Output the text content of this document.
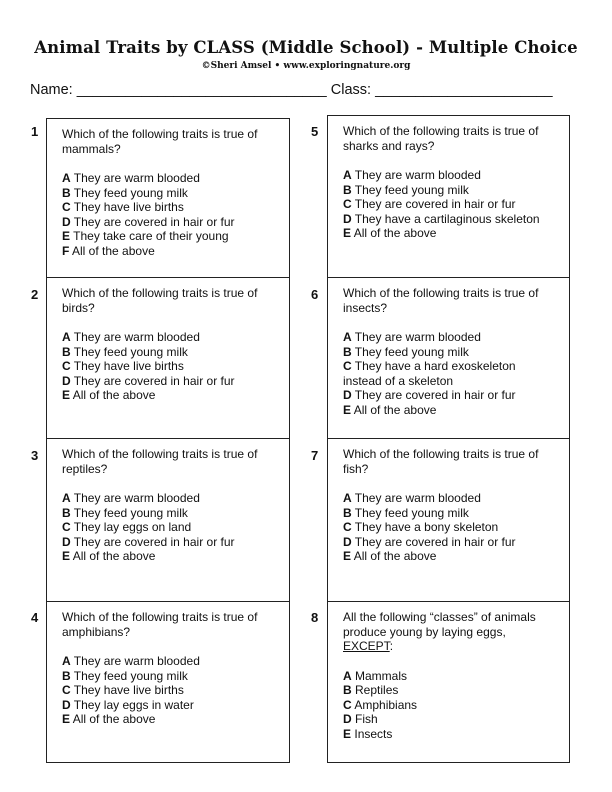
Animal Traits by CLASS (Middle School) - Multiple Choice
©Sheri Amsel • www.exploringnature.org
Name: _______________________________ Class: ______________________
1 Which of the following traits is true of mammals?

A They are warm blooded

B They feed young milk

C They have live births

D They are covered in hair or fur

E They take care of their young

F All of the above

2 Which of the following traits is true of birds?

A They are warm blooded

B They feed young milk

C They have live births

D They are covered in hair or fur

E All of the above

3 Which of the following traits is true of reptiles?

A They are warm blooded

B They feed young milk

C They lay eggs on land

D They are covered in hair or fur

E All of the above

4 Which of the following traits is true of amphibians?

A They are warm blooded

B They feed young milk

C They have live births

D They lay eggs in water

E All of the above

5 Which of the following traits is true of sharks and rays?

A They are warm blooded

B They feed young milk

C They are covered in hair or fur

D They have a cartilaginous skeleton

E All of the above

6 Which of the following traits is true of insects?

A They are warm blooded

B They feed young milk

C They have a hard exoskeleton instead of a skeleton

D They are covered in hair or fur

E All of the above

7 Which of the following traits is true of fish?

A They are warm blooded

B They feed young milk

C They have a bony skeleton

D They are covered in hair or fur

E All of the above

8 All the following “classes” of animals produce young by laying eggs, EXCEPT:

A Mammals

B Reptiles

C Amphibians

D Fish

E Insects
